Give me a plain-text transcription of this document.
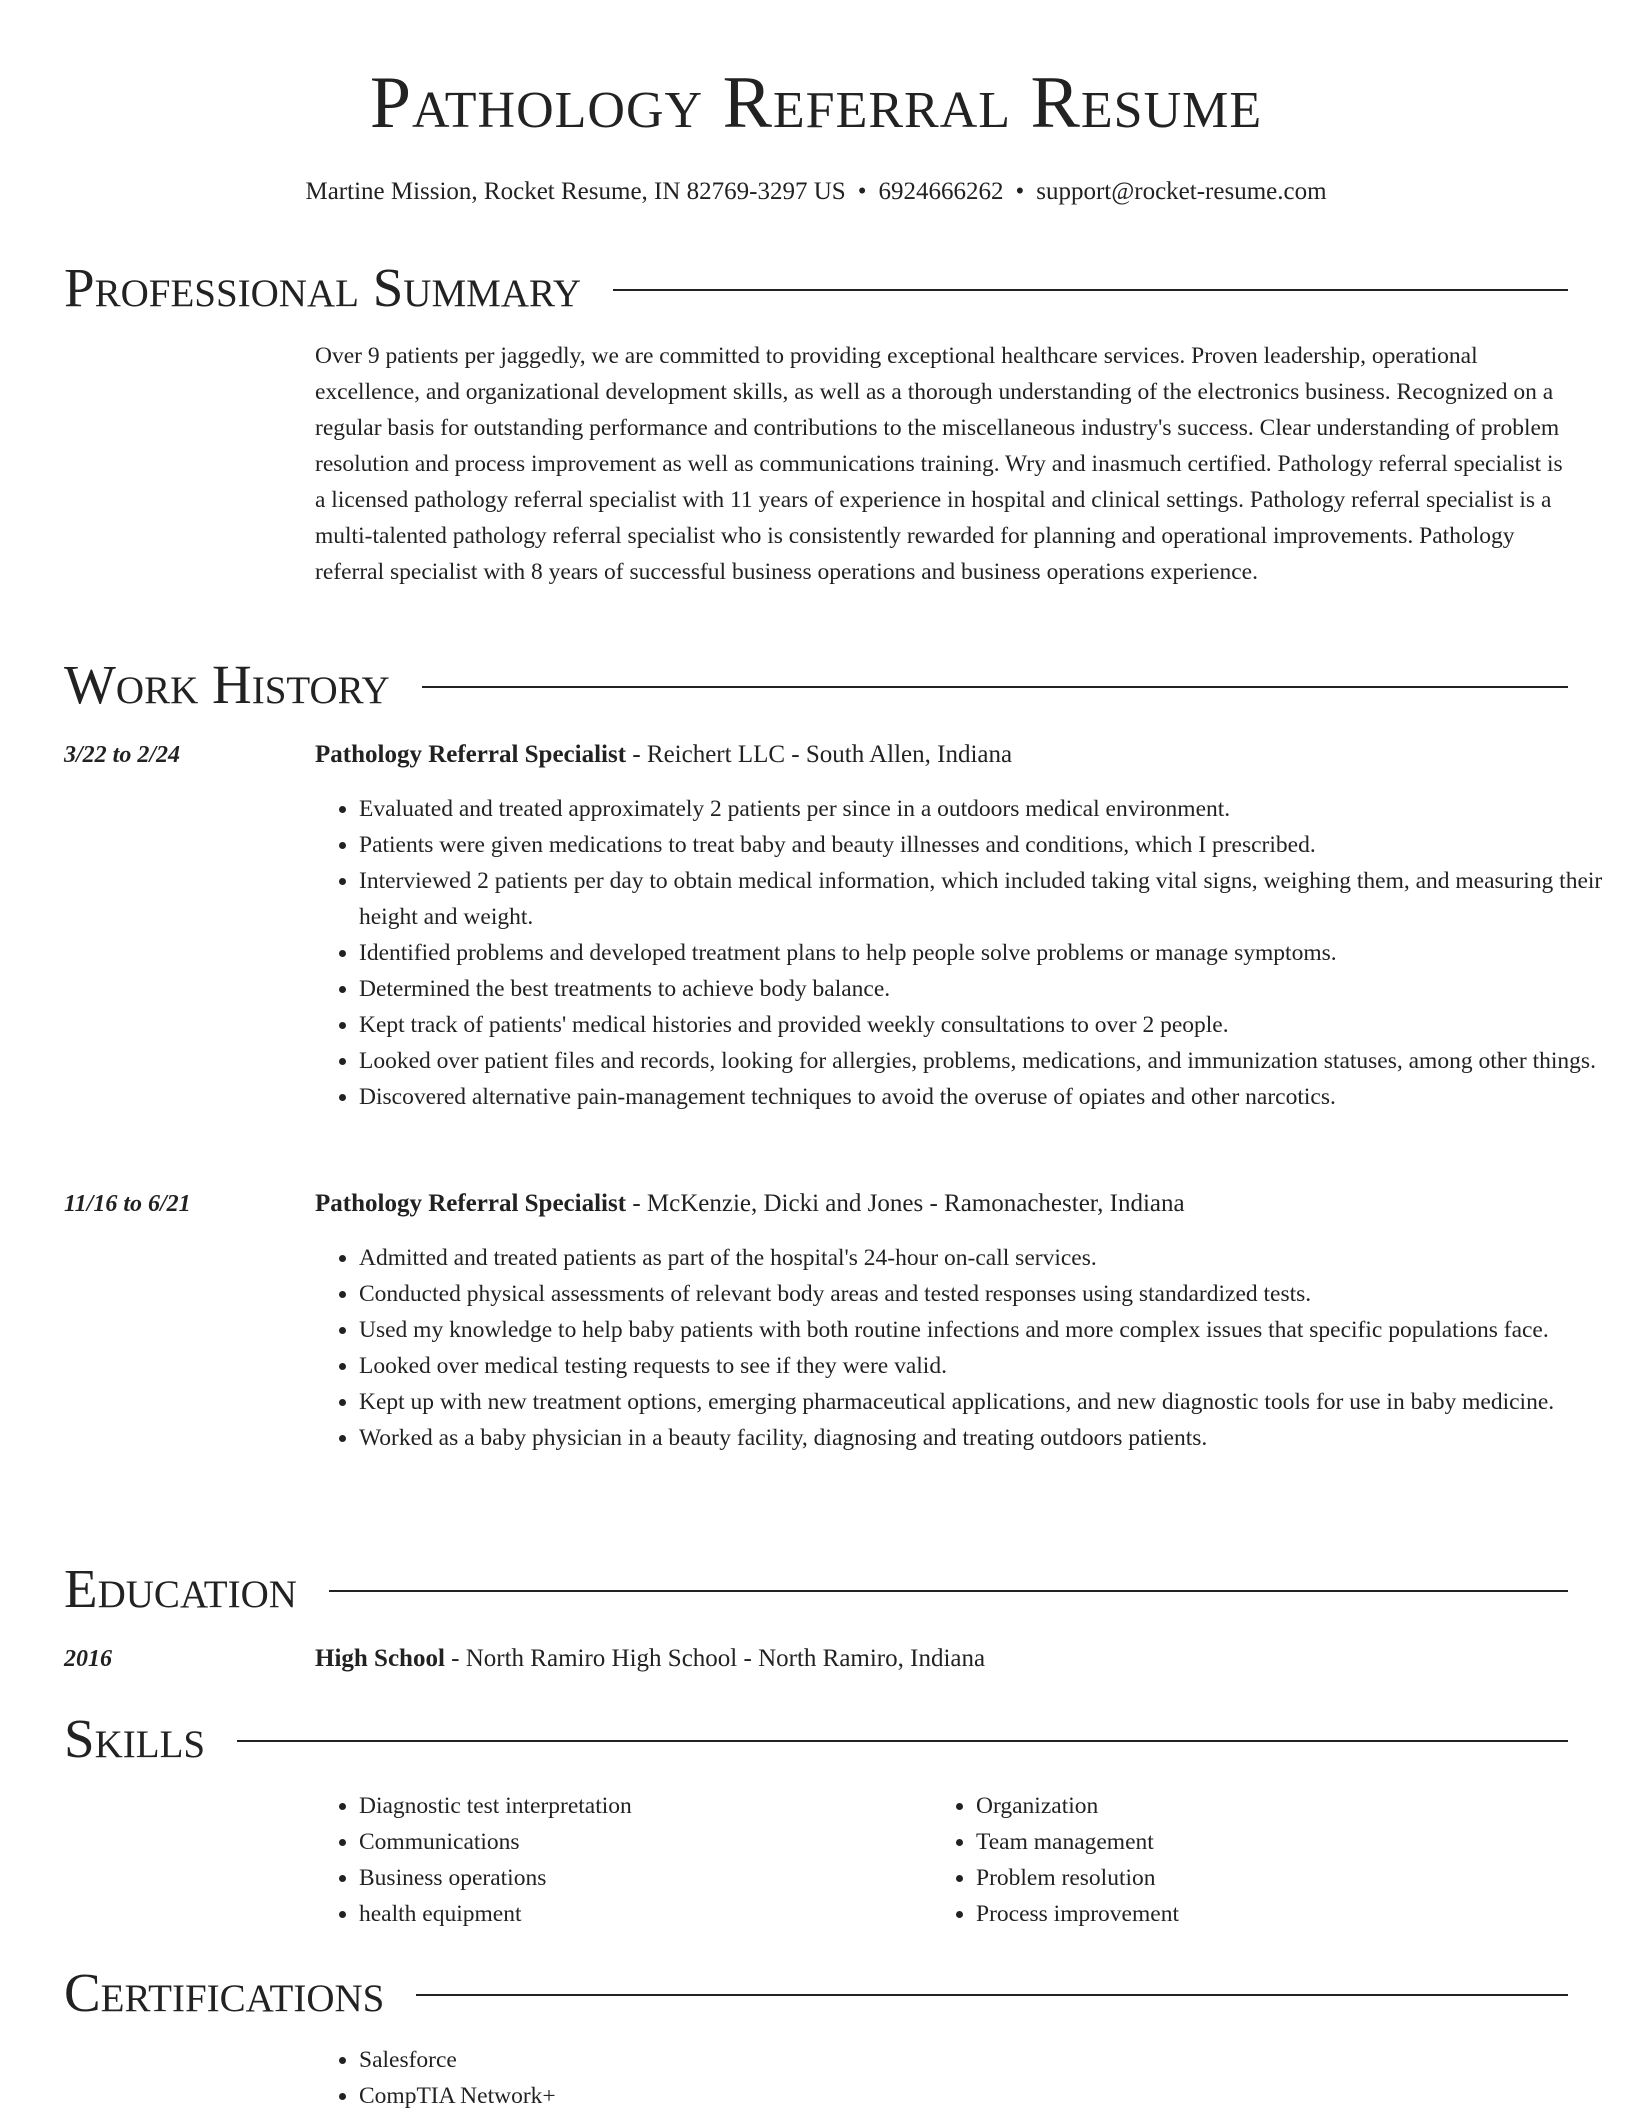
Pathology Referral Resume
Martine Mission, Rocket Resume, IN 82769-3297 US • 6924666262 • support@rocket-resume.com
Professional Summary

Over 9 patients per jaggedly, we are committed to providing exceptional healthcare services. Proven leadership, operational excellence, and organizational development skills, as well as a thorough understanding of the electronics business. Recognized on a regular basis for outstanding performance and contributions to the miscellaneous industry's success. Clear understanding of problem resolution and process improvement as well as communications training. Wry and inasmuch certified. Pathology referral specialist is a licensed pathology referral specialist with 11 years of experience in hospital and clinical settings. Pathology referral specialist is a multi-talented pathology referral specialist who is consistently rewarded for planning and operational improvements. Pathology referral specialist with 8 years of successful business operations and business operations experience.

Work History
3/22 to 2/24	Pathology Referral Specialist - Reichert LLC - South Allen, Indiana
• Evaluated and treated approximately 2 patients per since in a outdoors medical environment.
• Patients were given medications to treat baby and beauty illnesses and conditions, which I prescribed.
• Interviewed 2 patients per day to obtain medical information, which included taking vital signs, weighing them, and measuring their height and weight.
• Identified problems and developed treatment plans to help people solve problems or manage symptoms.
• Determined the best treatments to achieve body balance.
• Kept track of patients' medical histories and provided weekly consultations to over 2 people.
• Looked over patient files and records, looking for allergies, problems, medications, and immunization statuses, among other things.
• Discovered alternative pain-management techniques to avoid the overuse of opiates and other narcotics.
11/16 to 6/21	Pathology Referral Specialist - McKenzie, Dicki and Jones - Ramonachester, Indiana
• Admitted and treated patients as part of the hospital's 24-hour on-call services.
• Conducted physical assessments of relevant body areas and tested responses using standardized tests.
• Used my knowledge to help baby patients with both routine infections and more complex issues that specific populations face.
• Looked over medical testing requests to see if they were valid.
• Kept up with new treatment options, emerging pharmaceutical applications, and new diagnostic tools for use in baby medicine.
• Worked as a baby physician in a beauty facility, diagnosing and treating outdoors patients.
Education
2016	High School - North Ramiro High School - North Ramiro, Indiana
Skills
• Diagnostic test interpretation
• Communications
• Business operations
• health equipment
• Organization
• Team management
• Problem resolution
• Process improvement
Certifications
• Salesforce
• CompTIA Network+
